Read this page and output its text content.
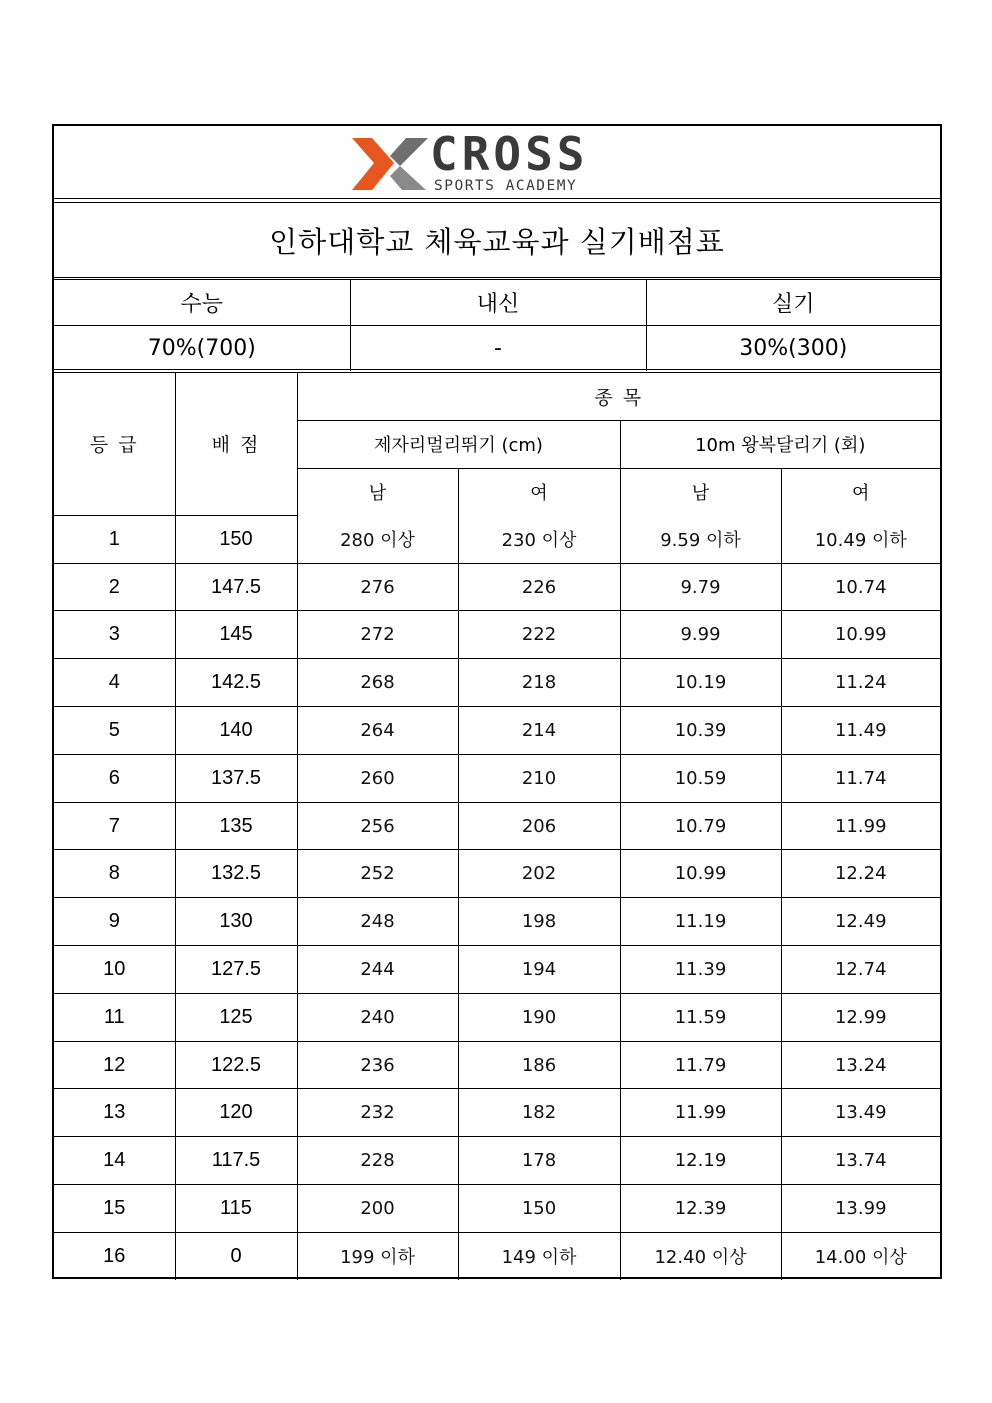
CROSS
SPORTS ACADEMY
인하대학교 체육교육과 실기배점표
수능	내신	실기
70%(700)	-	30%(300)
등 급	배 점	종 목			
		제자리멀리뛰기 (cm)		10m 왕복달리기 (회)	
		남	여	남	여
1	150	280 이상	230 이상	9.59 이하	10.49 이하
2	147.5	276	226	9.79	10.74
3	145	272	222	9.99	10.99
4	142.5	268	218	10.19	11.24
5	140	264	214	10.39	11.49
6	137.5	260	210	10.59	11.74
7	135	256	206	10.79	11.99
8	132.5	252	202	10.99	12.24
9	130	248	198	11.19	12.49
10	127.5	244	194	11.39	12.74
11	125	240	190	11.59	12.99
12	122.5	236	186	11.79	13.24
13	120	232	182	11.99	13.49
14	117.5	228	178	12.19	13.74
15	115	200	150	12.39	13.99
16	0	199 이하	149 이하	12.40 이상	14.00 이상
